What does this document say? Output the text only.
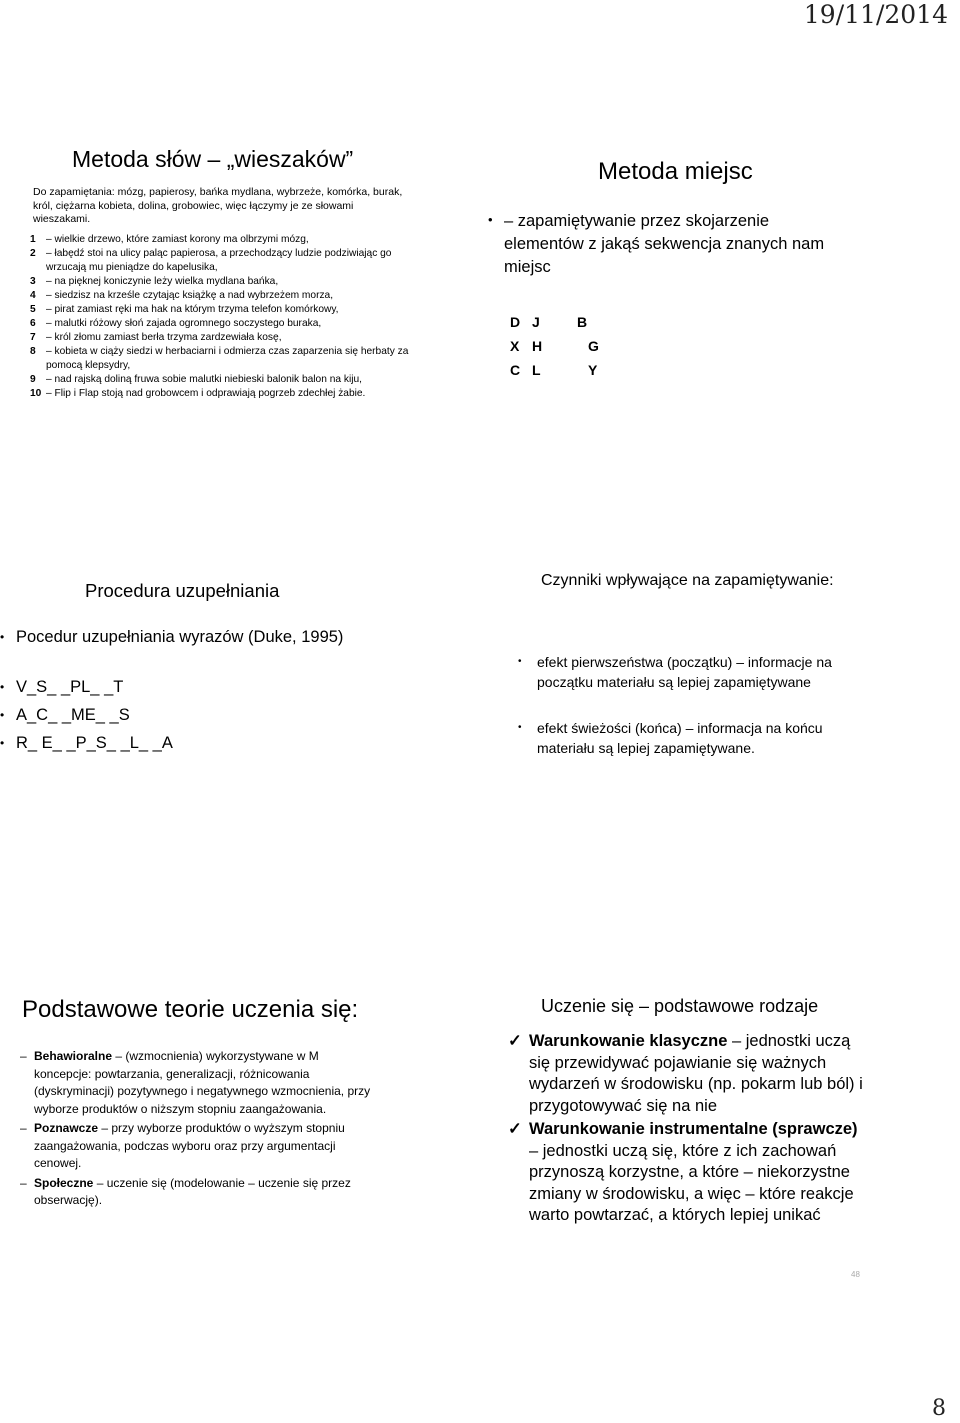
19/11/2014
Metoda słów – „wieszaków”
Do zapamiętania: mózg, papierosy, bańka mydlana, wybrzeże, komórka, burak, król, ciężarna kobieta, dolina, grobowiec, więc łączymy je ze słowami wieszakami.
1 – wielkie drzewo, które zamiast korony ma olbrzymi mózg,
2 – łabędź stoi na ulicy paląc papierosa, a przechodzący ludzie podziwiając go wrzucają mu pieniądze do kapelusika,
3 – na pięknej koniczynie leży wielka mydlana bańka,
4 – siedzisz na krześle czytając książkę a nad wybrzeżem morza,
5 – pirat zamiast ręki ma hak na którym trzyma telefon komórkowy,
6 – malutki różowy słoń zajada ogromnego soczystego buraka,
7 – król złomu zamiast berła trzyma zardzewiała kosę,
8 – kobieta w ciąży siedzi w herbaciarni i odmierza czas zaparzenia się herbaty za pomocą klepsydry,
9 – nad rajską doliną fruwa sobie malutki niebieski balonik balon na kiju,
10 – Flip i Flap stoją nad grobowcem i odprawiają pogrzeb zdechłej żabie.
Metoda miejsc
• – zapamiętywanie przez skojarzenie elementów z jakąś sekwencja znanych nam miejsc
D J	B
X H	G
C L	Y
Procedura uzupełniania
• Pocedur uzupełniania wyrazów (Duke, 1995)
• V_S_ _PL_ _T
• A_C_ _ME_ _S
• R_ E_ _P_S_ _L_ _A
Czynniki wpływające na zapamiętywanie:
• efekt pierwszeństwa (początku) – informacje na początku materiału są lepiej zapamiętywane
• efekt świeżości (końca) – informacja na końcu materiału są lepiej zapamiętywane.
Podstawowe teorie uczenia się:
– Behawioralne – (wzmocnienia) wykorzystywane w M koncepcje: powtarzania, generalizacji, różnicowania (dyskryminacji) pozytywnego i negatywnego wzmocnienia, przy wyborze produktów o niższym stopniu zaangażowania.
– Poznawcze – przy wyborze produktów o wyższym stopniu zaangażowania, podczas wyboru oraz przy argumentacji cenowej.
– Społeczne – uczenie się (modelowanie – uczenie się przez obserwację).
Uczenie się – podstawowe rodzaje
✓ Warunkowanie klasyczne – jednostki uczą się przewidywać pojawianie się ważnych wydarzeń w środowisku (np. pokarm lub ból) i przygotowywać się na nie
✓ Warunkowanie instrumentalne (sprawcze) – jednostki uczą się, które z ich zachowań przynoszą korzystne, a które – niekorzystne zmiany w środowisku, a więc – które reakcje warto powtarzać, a których lepiej unikać
48
8
